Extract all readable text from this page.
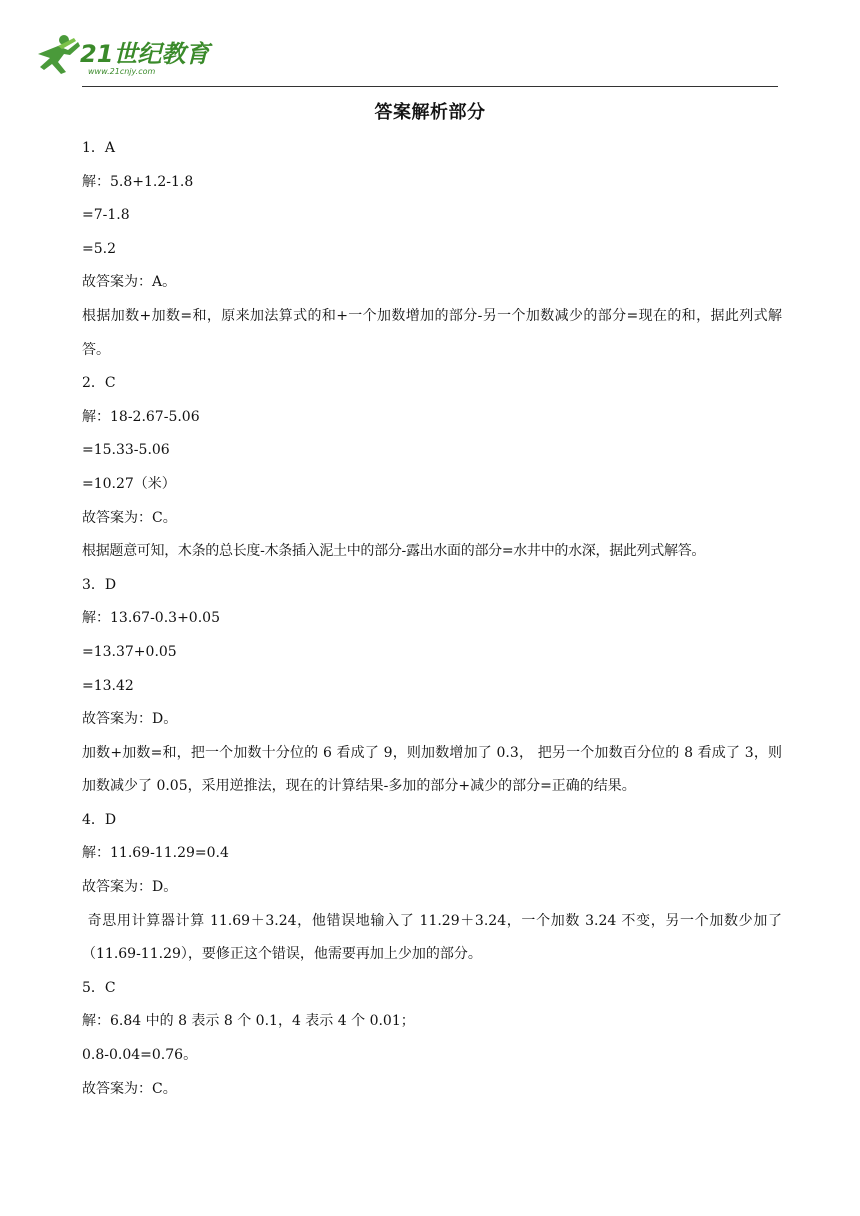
21世纪教育
www.21cnjy.com
答案解析部分
1．A
解：5.8+1.2-1.8
=7-1.8
=5.2
故答案为：A。
根据加数+加数=和，原来加法算式的和+一个加数增加的部分-另一个加数减少的部分=现在的和，据此列式解答。
2．C
解：18-2.67-5.06
=15.33-5.06
=10.27（米）
故答案为：C。
根据题意可知，木条的总长度-木条插入泥土中的部分-露出水面的部分=水井中的水深，据此列式解答。
3．D
解：13.67-0.3+0.05
=13.37+0.05
=13.42
故答案为：D。
加数+加数=和，把一个加数十分位的 6 看成了 9，则加数增加了 0.3， 把另一个加数百分位的 8 看成了 3，则加数减少了 0.05，采用逆推法，现在的计算结果-多加的部分+减少的部分=正确的结果。
4．D
解：11.69-11.29=0.4
故答案为：D。
奇思用计算器计算 11.69＋3.24，他错误地输入了 11.29＋3.24，一个加数 3.24 不变，另一个加数少加了（11.69-11.29），要修正这个错误，他需要再加上少加的部分。
5．C
解：6.84 中的 8 表示 8 个 0.1，4 表示 4 个 0.01；
0.8-0.04=0.76。
故答案为：C。
